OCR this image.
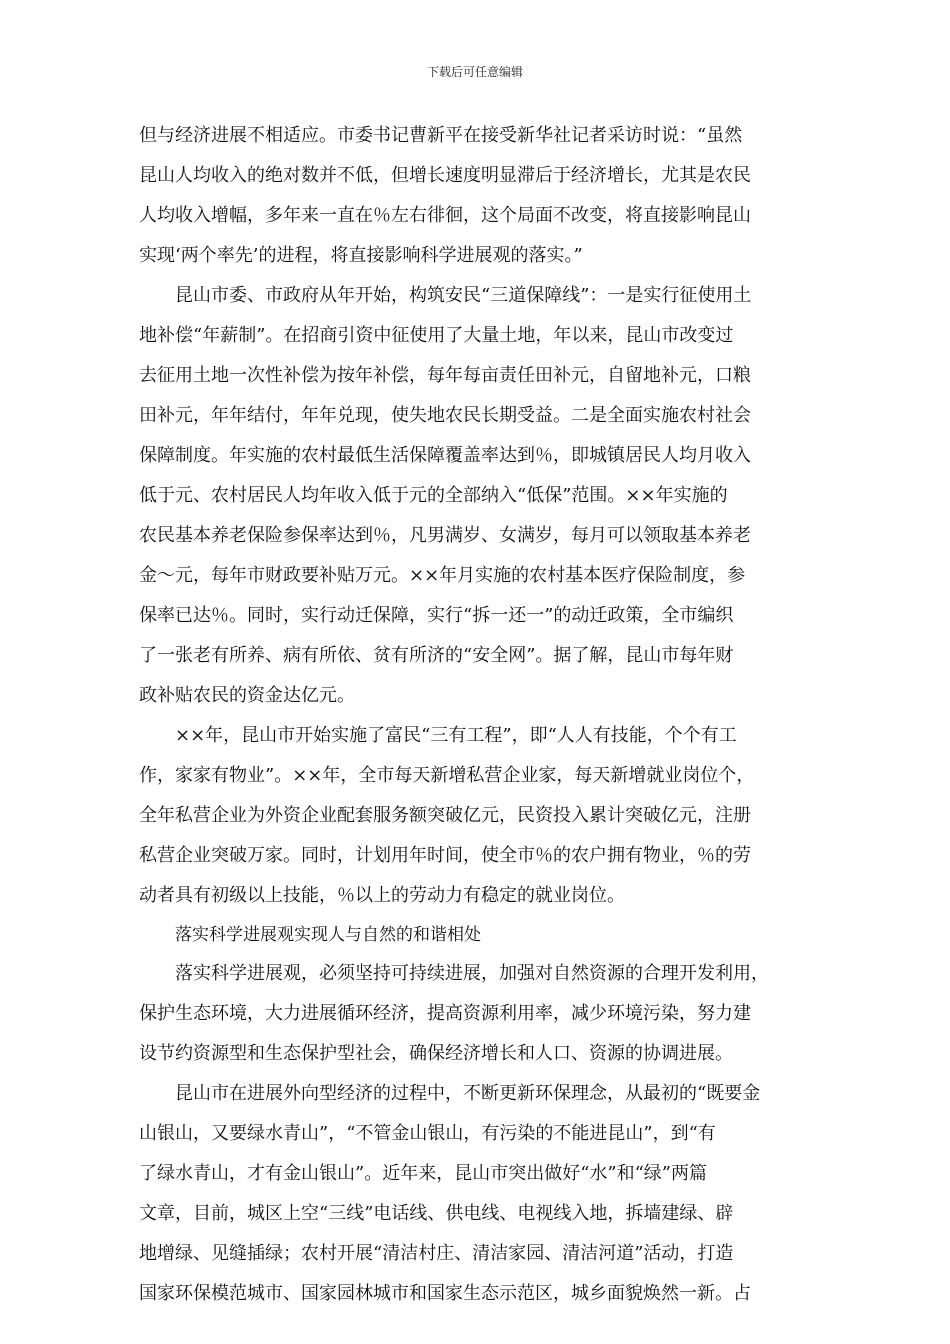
下载后可任意编辑
但与经济进展不相适应。市委书记曹新平在接受新华社记者采访时说：“虽然
昆山人均收入的绝对数并不低，但增长速度明显滞后于经济增长，尤其是农民
人均收入增幅，多年来一直在％左右徘徊，这个局面不改变，将直接影响昆山
实现‘两个率先’的进程，将直接影响科学进展观的落实。”
昆山市委、市政府从年开始，构筑安民“三道保障线”：一是实行征使用土
地补偿“年薪制”。在招商引资中征使用了大量土地，年以来，昆山市改变过
去征用土地一次性补偿为按年补偿，每年每亩责任田补元，自留地补元，口粮
田补元，年年结付，年年兑现，使失地农民长期受益。二是全面实施农村社会
保障制度。年实施的农村最低生活保障覆盖率达到％，即城镇居民人均月收入
低于元、农村居民人均年收入低于元的全部纳入“低保”范围。××年实施的
农民基本养老保险参保率达到％，凡男满岁、女满岁，每月可以领取基本养老
金～元，每年市财政要补贴万元。××年月实施的农村基本医疗保险制度，参
保率已达％。同时，实行动迁保障，实行“拆一还一”的动迁政策，全市编织
了一张老有所养、病有所依、贫有所济的“安全网”。据了解，昆山市每年财
政补贴农民的资金达亿元。
××年，昆山市开始实施了富民“三有工程”，即“人人有技能，个个有工
作，家家有物业”。××年，全市每天新增私营企业家，每天新增就业岗位个，
全年私营企业为外资企业配套服务额突破亿元，民资投入累计突破亿元，注册
私营企业突破万家。同时，计划用年时间，使全市％的农户拥有物业，％的劳
动者具有初级以上技能，％以上的劳动力有稳定的就业岗位。
落实科学进展观实现人与自然的和谐相处
落实科学进展观，必须坚持可持续进展，加强对自然资源的合理开发利用，
保护生态环境，大力进展循环经济，提高资源利用率，减少环境污染，努力建
设节约资源型和生态保护型社会，确保经济增长和人口、资源的协调进展。
昆山市在进展外向型经济的过程中，不断更新环保理念，从最初的“既要金
山银山，又要绿水青山”，“不管金山银山，有污染的不能进昆山”，到“有
了绿水青山，才有金山银山”。近年来，昆山市突出做好“水”和“绿”两篇
文章，目前，城区上空“三线”电话线、供电线、电视线入地，拆墙建绿、辟
地增绿、见缝插绿；农村开展“清洁村庄、清洁家园、清洁河道”活动，打造
国家环保模范城市、国家园林城市和国家生态示范区，城乡面貌焕然一新。占
